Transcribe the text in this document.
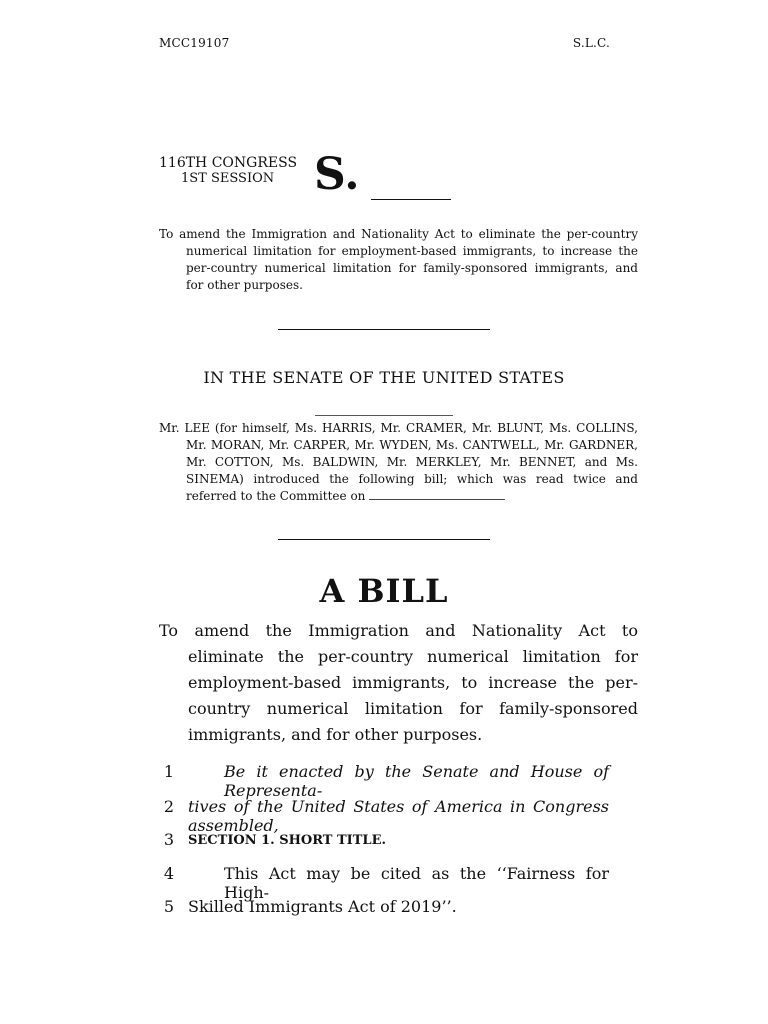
MCC19107	S.L.C.
116TH CONGRESS
1ST SESSION S.
To amend the Immigration and Nationality Act to eliminate the per-country numerical limitation for employment-based immigrants, to increase the per-country numerical limitation for family-sponsored immigrants, and for other purposes.
IN THE SENATE OF THE UNITED STATES
Mr. LEE (for himself, Ms. HARRIS, Mr. CRAMER, Mr. BLUNT, Ms. COLLINS, Mr. MORAN, Mr. CARPER, Mr. WYDEN, Ms. CANTWELL, Mr. GARDNER, Mr. COTTON, Ms. BALDWIN, Mr. MERKLEY, Mr. BENNET, and Ms. SINEMA) introduced the following bill; which was read twice and referred to the Committee on
A BILL
To amend the Immigration and Nationality Act to eliminate the per-country numerical limitation for employment-based immigrants, to increase the per-country numerical limitation for family-sponsored immigrants, and for other purposes.
1	Be it enacted by the Senate and House of Representa-
2 tives of the United States of America in Congress assembled,
3 SECTION 1. SHORT TITLE.
4	This Act may be cited as the ‘‘Fairness for High-
5 Skilled Immigrants Act of 2019’’.
